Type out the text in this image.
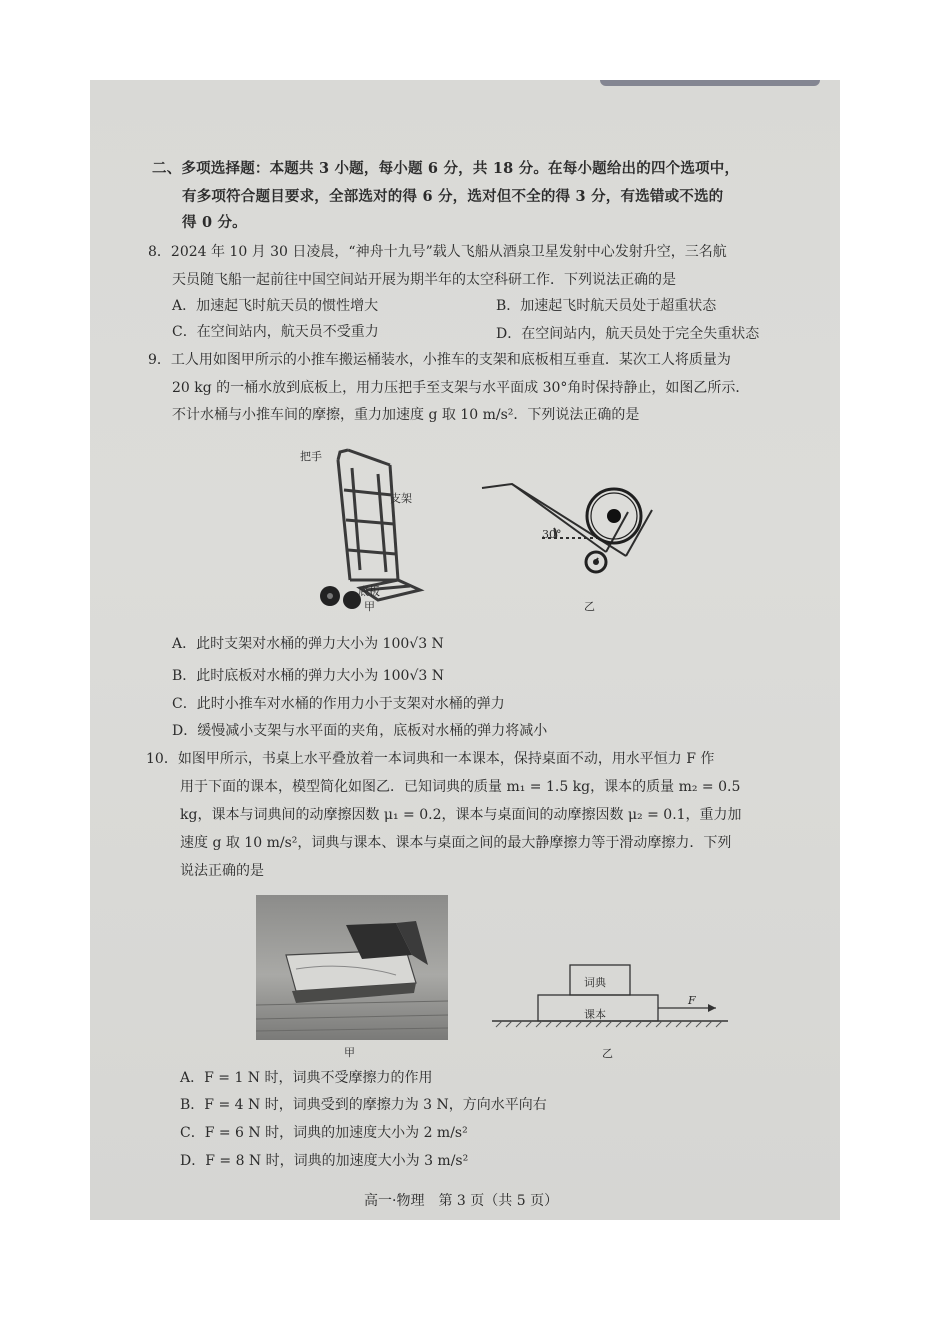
二、多项选择题：本题共 3 小题，每小题 6 分，共 18 分。在每小题给出的四个选项中，
有多项符合题目要求，全部选对的得 6 分，选对但不全的得 3 分，有选错或不选的
得 0 分。
8．2024 年 10 月 30 日凌晨，“神舟十九号”载人飞船从酒泉卫星发射中心发射升空，三名航
天员随飞船一起前往中国空间站开展为期半年的太空科研工作．下列说法正确的是
A．加速起飞时航天员的惯性增大	B．加速起飞时航天员处于超重状态
C．在空间站内，航天员不受重力	D．在空间站内，航天员处于完全失重状态
9．工人用如图甲所示的小推车搬运桶装水，小推车的支架和底板相互垂直．某次工人将质量为
20 kg 的一桶水放到底板上，用力压把手至支架与水平面成 30°角时保持静止，如图乙所示．
不计水桶与小推车间的摩擦，重力加速度 g 取 10 m/s²．下列说法正确的是
把手
支架
底板
甲
30°
乙
A．此时支架对水桶的弹力大小为 100√3 N
B．此时底板对水桶的弹力大小为 100√3 N
C．此时小推车对水桶的作用力小于支架对水桶的弹力
D．缓慢减小支架与水平面的夹角，底板对水桶的弹力将减小
10．如图甲所示，书桌上水平叠放着一本词典和一本课本，保持桌面不动，用水平恒力 F 作
用于下面的课本，模型简化如图乙．已知词典的质量 m₁ = 1.5 kg，课本的质量 m₂ = 0.5
kg，课本与词典间的动摩擦因数 μ₁ = 0.2，课本与桌面间的动摩擦因数 μ₂ = 0.1，重力加
速度 g 取 10 m/s²，词典与课本、课本与桌面之间的最大静摩擦力等于滑动摩擦力．下列
说法正确的是
甲
词典
课本
F
乙
A．F = 1 N 时，词典不受摩擦力的作用
B．F = 4 N 时，词典受到的摩擦力为 3 N，方向水平向右
C．F = 6 N 时，词典的加速度大小为 2 m/s²
D．F = 8 N 时，词典的加速度大小为 3 m/s²
高一·物理　第 3 页（共 5 页）
